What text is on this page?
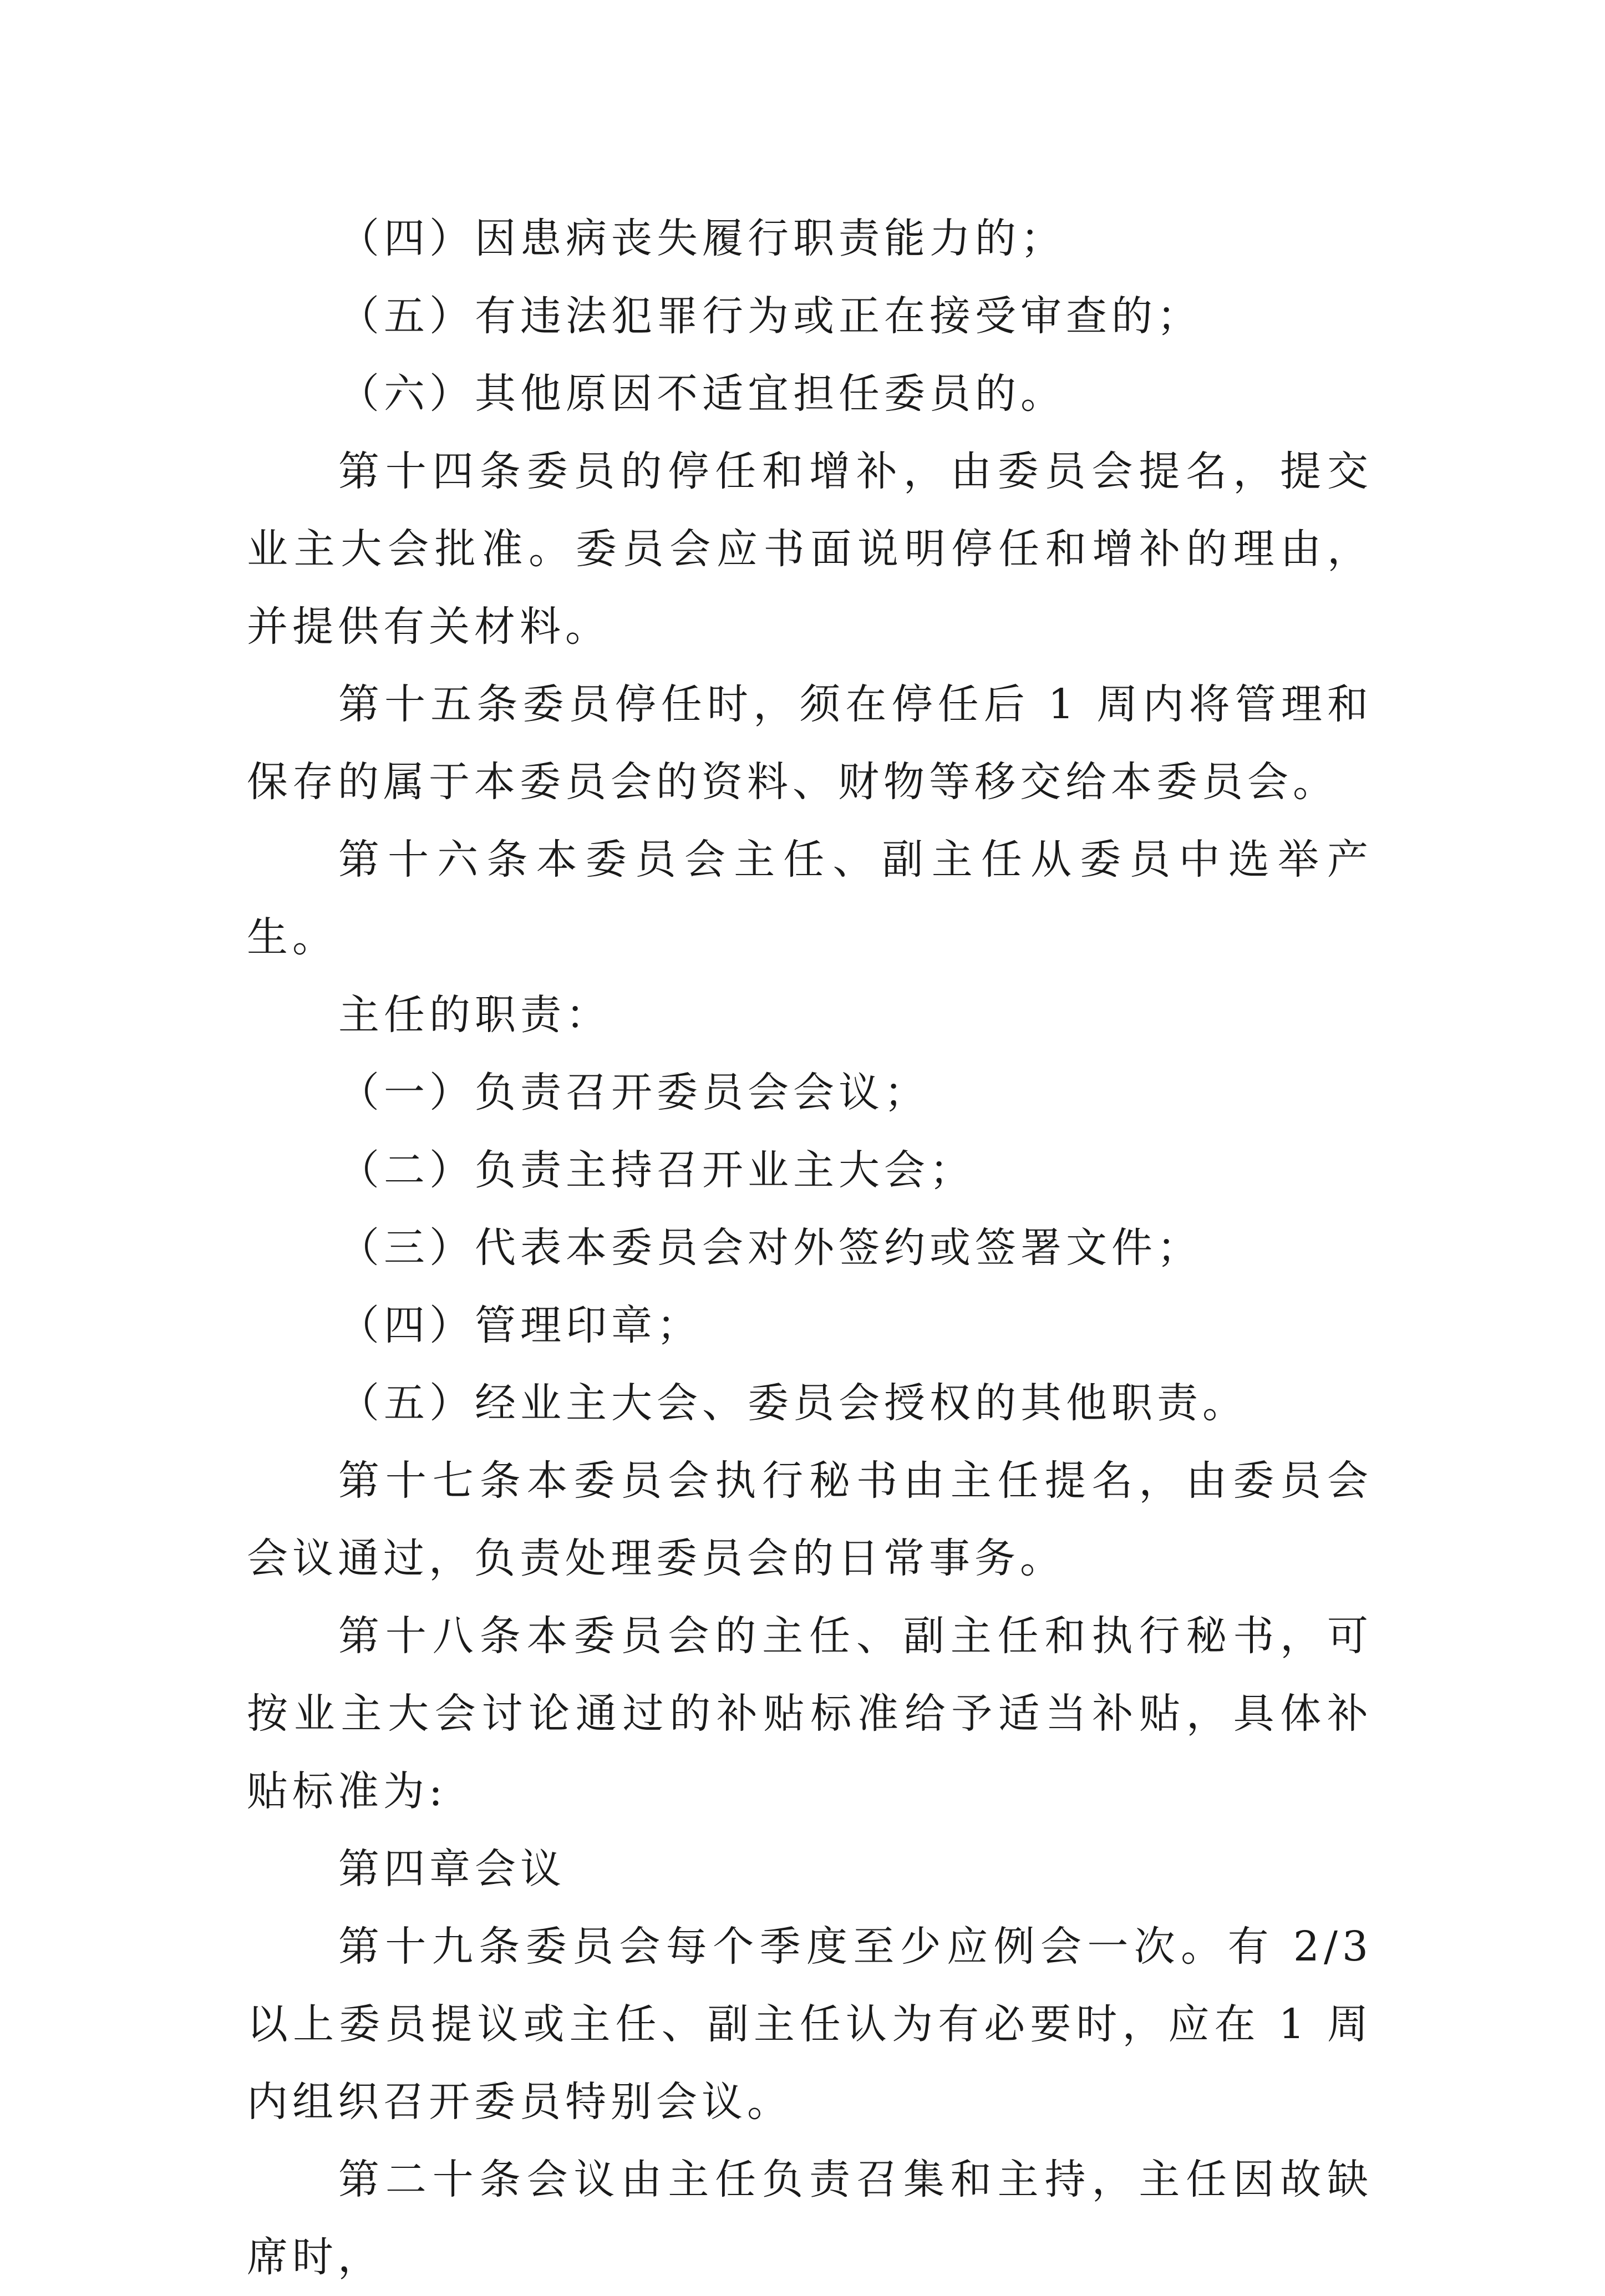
（四）因患病丧失履行职责能力的；

（五）有违法犯罪行为或正在接受审查的；

（六）其他原因不适宜担任委员的。

第十四条委员的停任和增补，由委员会提名，提交业主大会批准。委员会应书面说明停任和增补的理由，并提供有关材料。

第十五条委员停任时，须在停任后 1 周内将管理和保存的属于本委员会的资料、财物等移交给本委员会。

第十六条本委员会主任、副主任从委员中选举产生。

主任的职责：

（一）负责召开委员会会议；

（二）负责主持召开业主大会；

（三）代表本委员会对外签约或签署文件；

（四）管理印章；

（五）经业主大会、委员会授权的其他职责。

第十七条本委员会执行秘书由主任提名，由委员会会议通过，负责处理委员会的日常事务。

第十八条本委员会的主任、副主任和执行秘书，可按业主大会讨论通过的补贴标准给予适当补贴，具体补贴标准为:

第四章会议

第十九条委员会每个季度至少应例会一次。有 2/3 以上委员提议或主任、副主任认为有必要时，应在 1 周内组织召开委员特别会议。

第二十条会议由主任负责召集和主持，主任因故缺席时，
